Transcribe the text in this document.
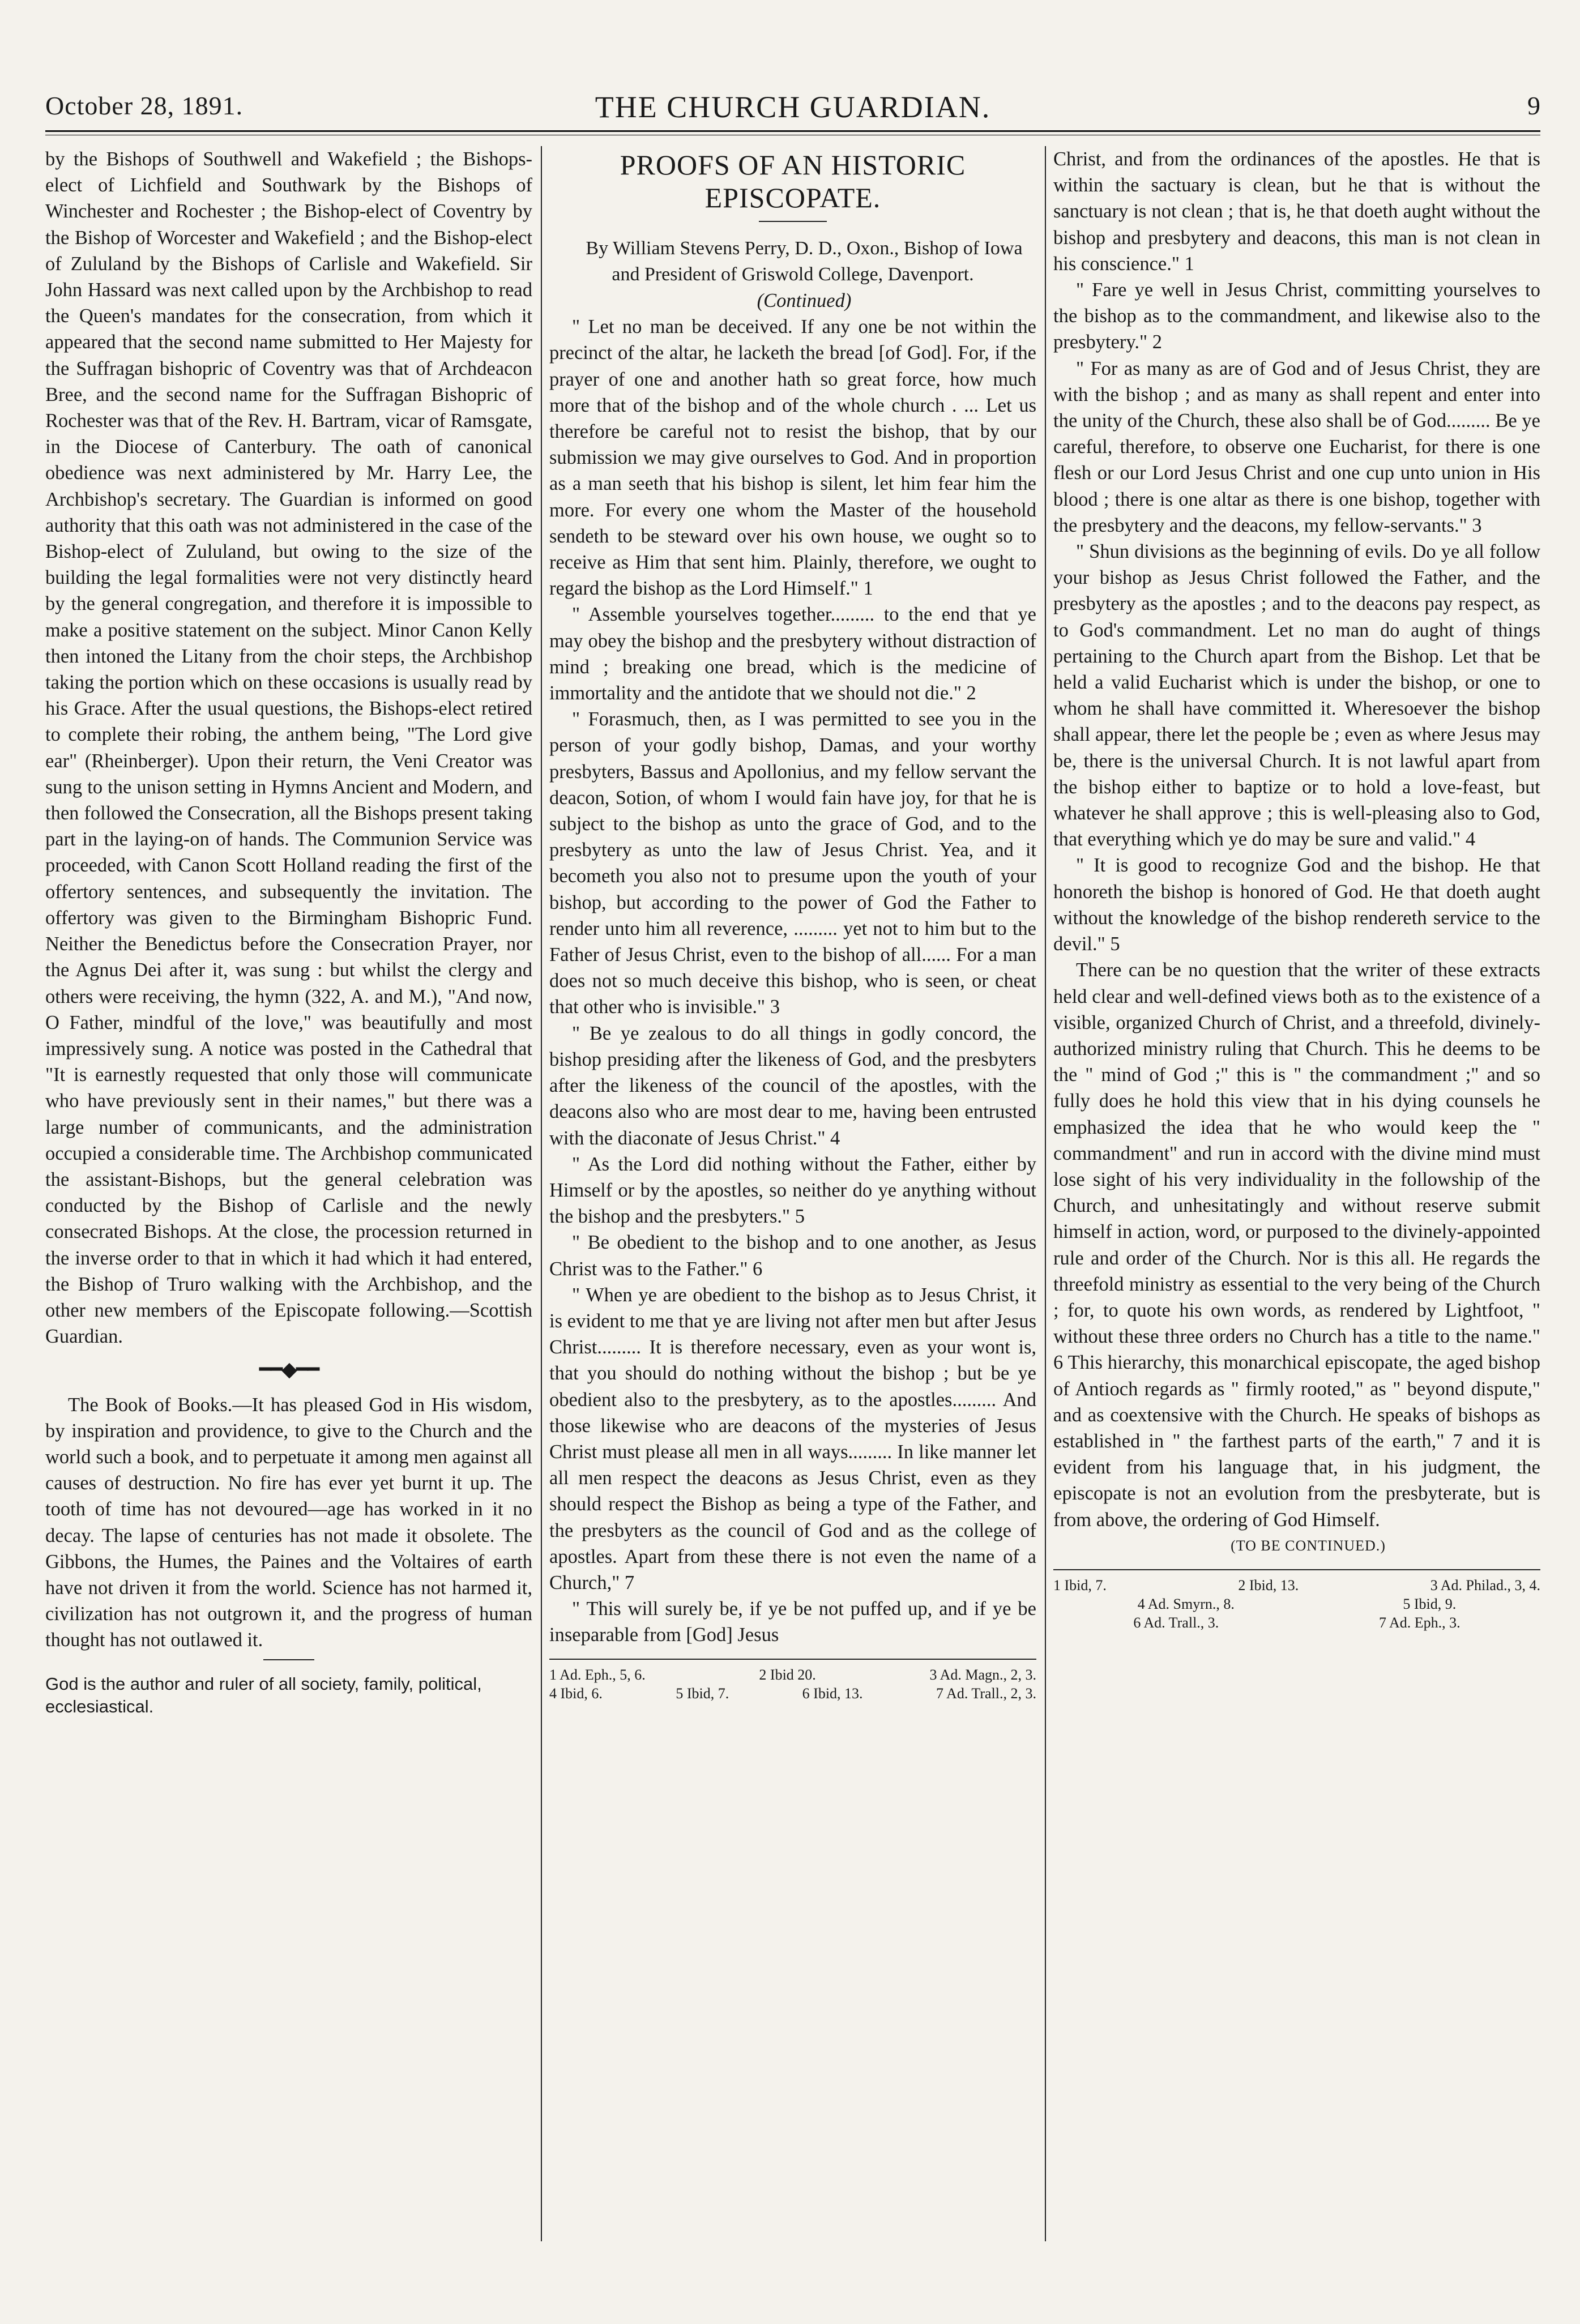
October 28, 1891.	THE CHURCH GUARDIAN.	9

by the Bishops of Southwell and Wakefield ; the Bishops-elect of Lichfield and Southwark by the Bishops of Winchester and Rochester ; the Bishop-elect of Coventry by the Bishop of Worcester and Wakefield ; and the Bishop-elect of Zululand by the Bishops of Carlisle and Wakefield. Sir John Hassard was next called upon by the Archbishop to read the Queen's mandates for the consecration, from which it appeared that the second name submitted to Her Majesty for the Suffragan bishopric of Coventry was that of Archdeacon Bree, and the second name for the Suffragan Bishopric of Rochester was that of the Rev. H. Bartram, vicar of Ramsgate, in the Diocese of Canterbury. The oath of canonical obedience was next administered by Mr. Harry Lee, the Archbishop's secretary. The Guardian is informed on good authority that this oath was not administered in the case of the Bishop-elect of Zululand, but owing to the size of the building the legal formalities were not very distinctly heard by the general congregation, and therefore it is impossible to make a positive statement on the subject. Minor Canon Kelly then intoned the Litany from the choir steps, the Archbishop taking the portion which on these occasions is usually read by his Grace. After the usual questions, the Bishops-elect retired to complete their robing, the anthem being, "The Lord give ear" (Rheinberger). Upon their return, the Veni Creator was sung to the unison setting in Hymns Ancient and Modern, and then followed the Consecration, all the Bishops present taking part in the laying-on of hands. The Communion Service was proceeded, with Canon Scott Holland reading the first of the offertory sentences, and subsequently the invitation. The offertory was given to the Birmingham Bishopric Fund. Neither the Benedictus before the Consecration Prayer, nor the Agnus Dei after it, was sung : but whilst the clergy and others were receiving, the hymn (322, A. and M.), "And now, O Father, mindful of the love," was beautifully and most impressively sung. A notice was posted in the Cathedral that "It is earnestly requested that only those will communicate who have previously sent in their names," but there was a large number of communicants, and the administration occupied a considerable time. The Archbishop communicated the assistant-Bishops, but the general celebration was conducted by the Bishop of Carlisle and the newly consecrated Bishops. At the close, the procession returned in the inverse order to that in which it had which it had entered, the Bishop of Truro walking with the Archbishop, and the other new members of the Episcopate following.—Scottish Guardian.

━━◆━━

The Book of Books.—It has pleased God in His wisdom, by inspiration and providence, to give to the Church and the world such a book, and to perpetuate it among men against all causes of destruction. No fire has ever yet burnt it up. The tooth of time has not devoured—age has worked in it no decay. The lapse of centuries has not made it obsolete. The Gibbons, the Humes, the Paines and the Voltaires of earth have not driven it from the world. Science has not harmed it, civilization has not outgrown it, and the progress of human thought has not outlawed it.

God is the author and ruler of all society, family, political, ecclesiastical.

PROOFS OF AN HISTORIC EPISCOPATE.

By William Stevens Perry, D. D., Oxon., Bishop of Iowa and President of Griswold College, Davenport.

(Continued)

" Let no man be deceived. If any one be not within the precinct of the altar, he lacketh the bread [of God]. For, if the prayer of one and another hath so great force, how much more that of the bishop and of the whole church . ... Let us therefore be careful not to resist the bishop, that by our submission we may give ourselves to God. And in proportion as a man seeth that his bishop is silent, let him fear him the more. For every one whom the Master of the household sendeth to be steward over his own house, we ought so to receive as Him that sent him. Plainly, therefore, we ought to regard the bishop as the Lord Himself." 1

" Assemble yourselves together......... to the end that ye may obey the bishop and the presbytery without distraction of mind ; breaking one bread, which is the medicine of immortality and the antidote that we should not die." 2

" Forasmuch, then, as I was permitted to see you in the person of your godly bishop, Damas, and your worthy presbyters, Bassus and Apollonius, and my fellow servant the deacon, Sotion, of whom I would fain have joy, for that he is subject to the bishop as unto the grace of God, and to the presbytery as unto the law of Jesus Christ. Yea, and it becometh you also not to presume upon the youth of your bishop, but according to the power of God the Father to render unto him all reverence, ......... yet not to him but to the Father of Jesus Christ, even to the bishop of all...... For a man does not so much deceive this bishop, who is seen, or cheat that other who is invisible." 3

" Be ye zealous to do all things in godly concord, the bishop presiding after the likeness of God, and the presbyters after the likeness of the council of the apostles, with the deacons also who are most dear to me, having been entrusted with the diaconate of Jesus Christ." 4

" As the Lord did nothing without the Father, either by Himself or by the apostles, so neither do ye anything without the bishop and the presbyters." 5

" Be obedient to the bishop and to one another, as Jesus Christ was to the Father." 6

" When ye are obedient to the bishop as to Jesus Christ, it is evident to me that ye are living not after men but after Jesus Christ......... It is therefore necessary, even as your wont is, that you should do nothing without the bishop ; but be ye obedient also to the presbytery, as to the apostles......... And those likewise who are deacons of the mysteries of Jesus Christ must please all men in all ways......... In like manner let all men respect the deacons as Jesus Christ, even as they should respect the Bishop as being a type of the Father, and the presbyters as the council of God and as the college of apostles. Apart from these there is not even the name of a Church," 7

" This will surely be, if ye be not puffed up, and if ye be inseparable from [God] Jesus

1 Ad. Eph., 5, 6.	2 Ibid 20.	3 Ad. Magn., 2, 3.
4 Ibid, 6.	5 Ibid, 7.	6 Ibid, 13.	7 Ad. Trall., 2, 3.

Christ, and from the ordinances of the apostles. He that is within the sactuary is clean, but he that is without the sanctuary is not clean ; that is, he that doeth aught without the bishop and presbytery and deacons, this man is not clean in his conscience." 1

" Fare ye well in Jesus Christ, committing yourselves to the bishop as to the commandment, and likewise also to the presbytery." 2

" For as many as are of God and of Jesus Christ, they are with the bishop ; and as many as shall repent and enter into the unity of the Church, these also shall be of God......... Be ye careful, therefore, to observe one Eucharist, for there is one flesh or our Lord Jesus Christ and one cup unto union in His blood ; there is one altar as there is one bishop, together with the presbytery and the deacons, my fellow-servants." 3

" Shun divisions as the beginning of evils. Do ye all follow your bishop as Jesus Christ followed the Father, and the presbytery as the apostles ; and to the deacons pay respect, as to God's commandment. Let no man do aught of things pertaining to the Church apart from the Bishop. Let that be held a valid Eucharist which is under the bishop, or one to whom he shall have committed it. Wheresoever the bishop shall appear, there let the people be ; even as where Jesus may be, there is the universal Church. It is not lawful apart from the bishop either to baptize or to hold a love-feast, but whatever he shall approve ; this is well-pleasing also to God, that everything which ye do may be sure and valid." 4

" It is good to recognize God and the bishop. He that honoreth the bishop is honored of God. He that doeth aught without the knowledge of the bishop rendereth service to the devil." 5

There can be no question that the writer of these extracts held clear and well-defined views both as to the existence of a visible, organized Church of Christ, and a threefold, divinely-authorized ministry ruling that Church. This he deems to be the " mind of God ;" this is " the commandment ;" and so fully does he hold this view that in his dying counsels he emphasized the idea that he who would keep the " commandment" and run in accord with the divine mind must lose sight of his very individuality in the followship of the Church, and unhesitatingly and without reserve submit himself in action, word, or purposed to the divinely-appointed rule and order of the Church. Nor is this all. He regards the threefold ministry as essential to the very being of the Church ; for, to quote his own words, as rendered by Lightfoot, " without these three orders no Church has a title to the name." 6 This hierarchy, this monarchical episcopate, the aged bishop of Antioch regards as " firmly rooted," as " beyond dispute," and as coextensive with the Church. He speaks of bishops as established in " the farthest parts of the earth," 7 and it is evident from his language that, in his judgment, the episcopate is not an evolution from the presbyterate, but is from above, the ordering of God Himself.

(TO BE CONTINUED.)

1 Ibid, 7.	2 Ibid, 13.	3 Ad. Philad., 3, 4.
4 Ad. Smyrn., 8.	5 Ibid, 9.
6 Ad. Trall., 3.	7 Ad. Eph., 3.
